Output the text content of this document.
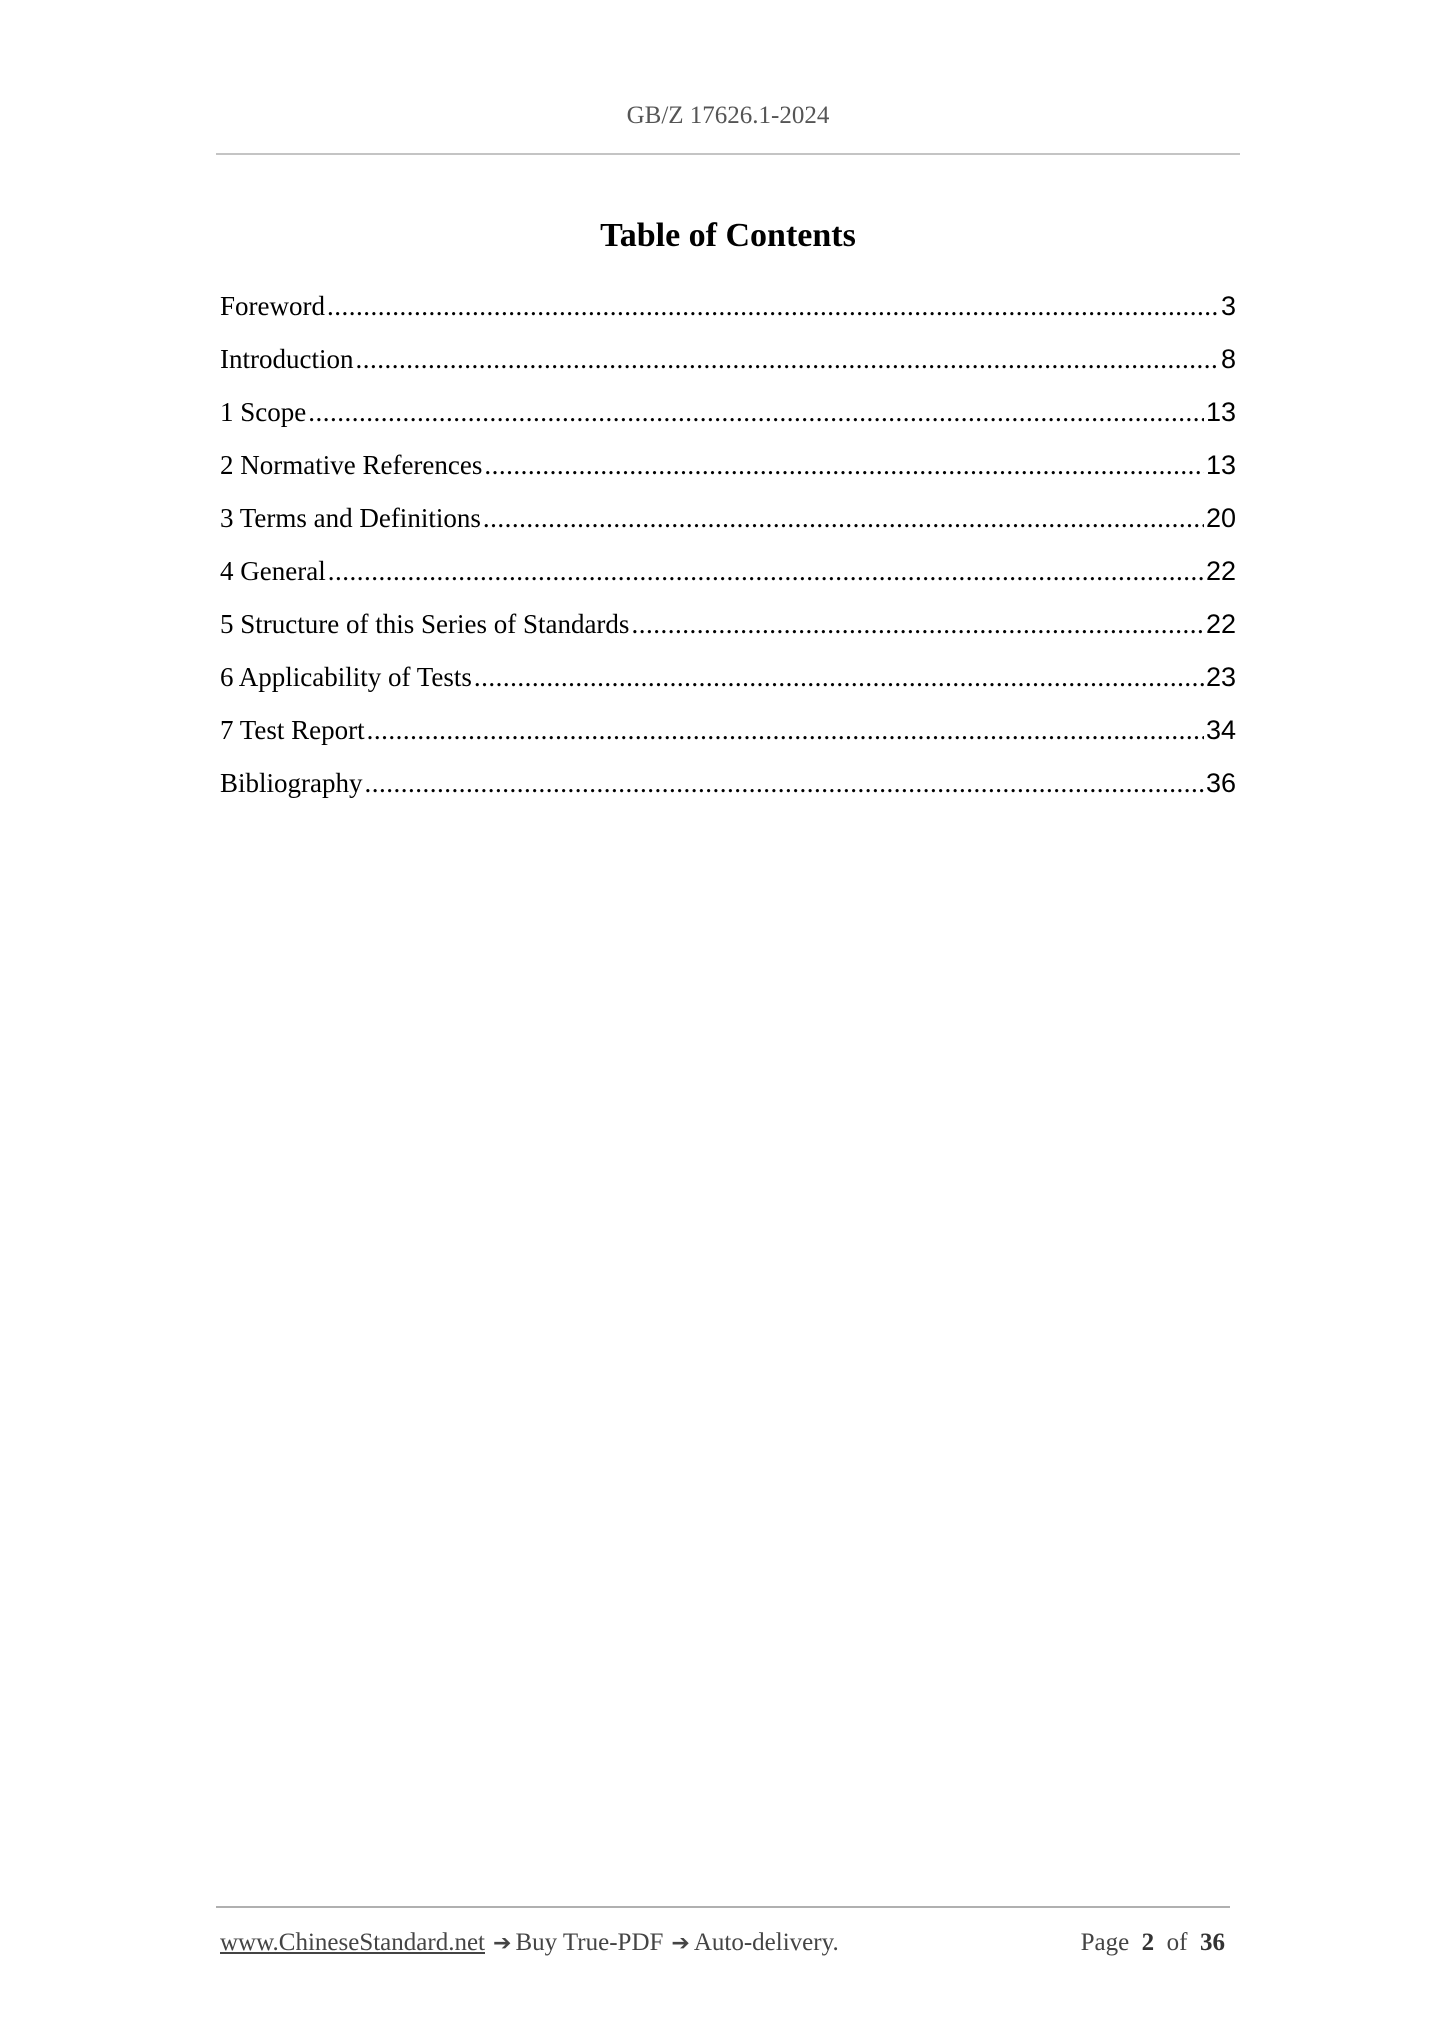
GB/Z 17626.1-2024
Table of Contents
Foreword .....	3
Introduction .....	8
1 Scope .....	13
2 Normative References .....	13
3 Terms and Definitions .....	20
4 General .....	22
5 Structure of this Series of Standards .....	22
6 Applicability of Tests .....	23
7 Test Report .....	34
Bibliography .....	36
www.ChineseStandard.net ➔ Buy True-PDF ➔ Auto-delivery.	Page 2 of 36
